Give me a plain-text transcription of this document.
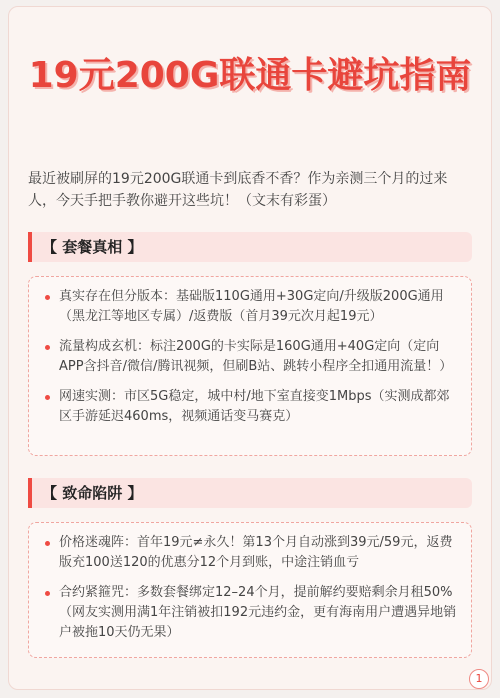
19元200G联通卡避坑指南
最近被刷屏的19元200G联通卡到底香不香？作为亲测三个月的过来人，今天手把手教你避开这些坑！（文末有彩蛋）
【 套餐真相 】
真实存在但分版本：基础版110G通用+30G定向/升级版200G通用（黑龙江等地区专属）/返费版（首月39元次月起19元）
流量构成玄机：标注200G的卡实际是160G通用+40G定向（定向APP含抖音/微信/腾讯视频，但刷B站、跳转小程序全扣通用流量！）
网速实测：市区5G稳定，城中村/地下室直接变1Mbps（实测成都郊区手游延迟460ms，视频通话变马赛克）
【 致命陷阱 】
价格迷魂阵：首年19元≠永久！第13个月自动涨到39元/59元，返费版充100送120的优惠分12个月到账，中途注销血亏
合约紧箍咒：多数套餐绑定12–24个月，提前解约要赔剩余月租50%（网友实测用满1年注销被扣192元违约金，更有海南用户遭遇异地销户被拖10天仍无果）
1
